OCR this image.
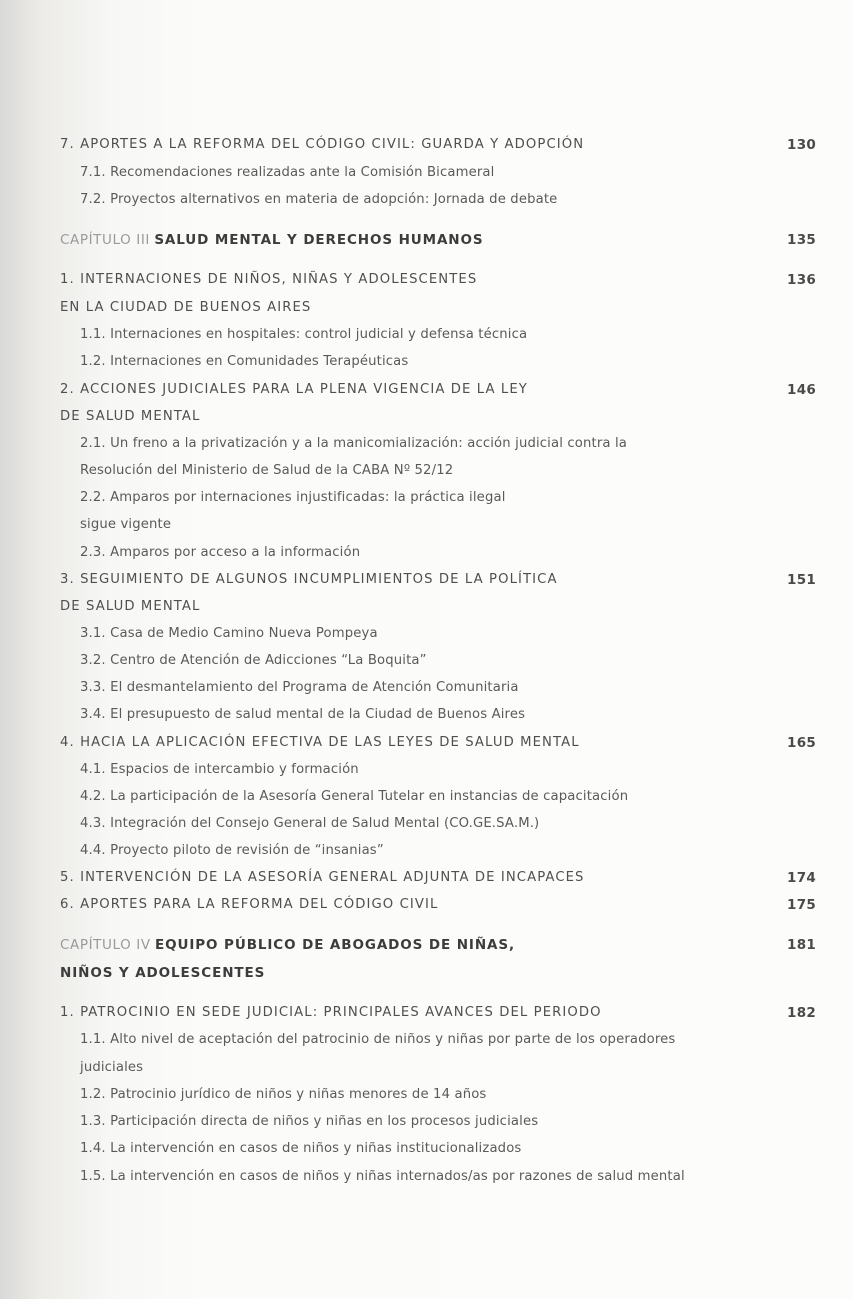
7. APORTES A LA REFORMA DEL CÓDIGO CIVIL: GUARDA Y ADOPCIÓN	130
7.1. Recomendaciones realizadas ante la Comisión Bicameral
7.2. Proyectos alternativos en materia de adopción: Jornada de debate
CAPÍTULO III SALUD MENTAL Y DERECHOS HUMANOS	135
1. INTERNACIONES DE NIÑOS, NIÑAS Y ADOLESCENTES	136
EN LA CIUDAD DE BUENOS AIRES
1.1. Internaciones en hospitales: control judicial y defensa técnica
1.2. Internaciones en Comunidades Terapéuticas
2. ACCIONES JUDICIALES PARA LA PLENA VIGENCIA DE LA LEY	146
DE SALUD MENTAL
2.1. Un freno a la privatización y a la manicomialización: acción judicial contra la
Resolución del Ministerio de Salud de la CABA Nº 52/12
2.2. Amparos por internaciones injustificadas: la práctica ilegal
sigue vigente
2.3. Amparos por acceso a la información
3. SEGUIMIENTO DE ALGUNOS INCUMPLIMIENTOS DE LA POLÍTICA	151
DE SALUD MENTAL
3.1. Casa de Medio Camino Nueva Pompeya
3.2. Centro de Atención de Adicciones “La Boquita”
3.3. El desmantelamiento del Programa de Atención Comunitaria
3.4. El presupuesto de salud mental de la Ciudad de Buenos Aires
4. HACIA LA APLICACIÓN EFECTIVA DE LAS LEYES DE SALUD MENTAL	165
4.1. Espacios de intercambio y formación
4.2. La participación de la Asesoría General Tutelar en instancias de capacitación
4.3. Integración del Consejo General de Salud Mental (CO.GE.SA.M.)
4.4. Proyecto piloto de revisión de “insanias”
5. INTERVENCIÓN DE LA ASESORÍA GENERAL ADJUNTA DE INCAPACES	174
6. APORTES PARA LA REFORMA DEL CÓDIGO CIVIL	175
CAPÍTULO IV EQUIPO PÚBLICO DE ABOGADOS DE NIÑAS,	181
NIÑOS Y ADOLESCENTES
1. PATROCINIO EN SEDE JUDICIAL: PRINCIPALES AVANCES DEL PERIODO	182
1.1. Alto nivel de aceptación del patrocinio de niños y niñas por parte de los operadores
judiciales
1.2. Patrocinio jurídico de niños y niñas menores de 14 años
1.3. Participación directa de niños y niñas en los procesos judiciales
1.4. La intervención en casos de niños y niñas institucionalizados
1.5. La intervención en casos de niños y niñas internados/as por razones de salud mental
